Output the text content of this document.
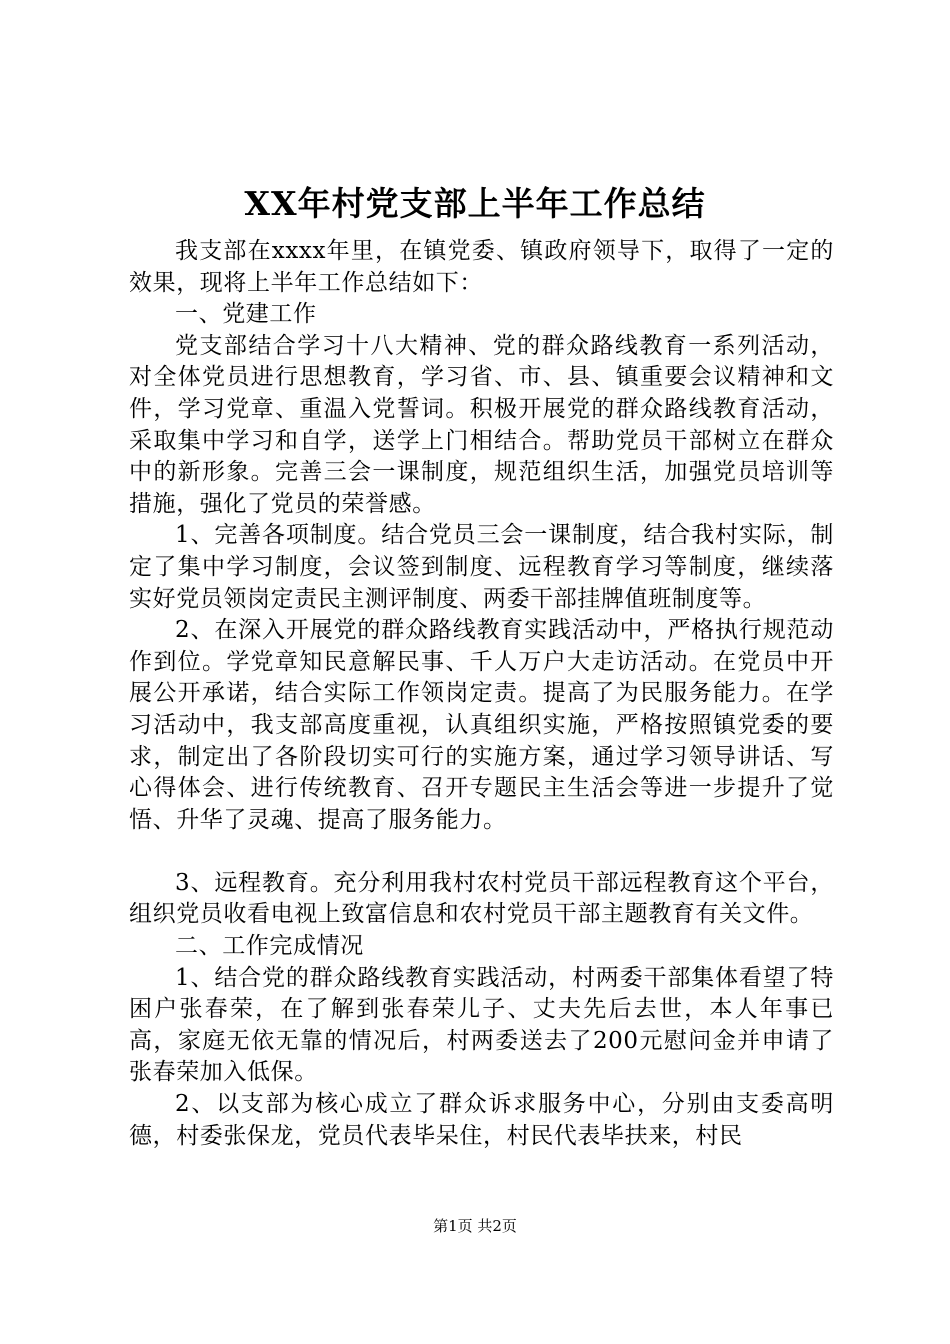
XX年村党支部上半年工作总结

我支部在xxxx年里，在镇党委、镇政府领导下，取得了一定的效果，现将上半年工作总结如下：

一、党建工作

党支部结合学习十八大精神、党的群众路线教育一系列活动，对全体党员进行思想教育，学习省、市、县、镇重要会议精神和文件，学习党章、重温入党誓词。积极开展党的群众路线教育活动，采取集中学习和自学，送学上门相结合。帮助党员干部树立在群众中的新形象。完善三会一课制度，规范组织生活，加强党员培训等措施，强化了党员的荣誉感。

1、完善各项制度。结合党员三会一课制度，结合我村实际，制定了集中学习制度，会议签到制度、远程教育学习等制度，继续落实好党员领岗定责民主测评制度、两委干部挂牌值班制度等。

2、在深入开展党的群众路线教育实践活动中，严格执行规范动作到位。学党章知民意解民事、千人万户大走访活动。在党员中开展公开承诺，结合实际工作领岗定责。提高了为民服务能力。在学习活动中，我支部高度重视，认真组织实施，严格按照镇党委的要求，制定出了各阶段切实可行的实施方案，通过学习领导讲话、写心得体会、进行传统教育、召开专题民主生活会等进一步提升了觉悟、升华了灵魂、提高了服务能力。

3、远程教育。充分利用我村农村党员干部远程教育这个平台，组织党员收看电视上致富信息和农村党员干部主题教育有关文件。

二、工作完成情况

1、结合党的群众路线教育实践活动，村两委干部集体看望了特困户张春荣，在了解到张春荣儿子、丈夫先后去世，本人年事已高，家庭无依无靠的情况后，村两委送去了200元慰问金并申请了张春荣加入低保。

2、以支部为核心成立了群众诉求服务中心，分别由支委高明德，村委张保龙，党员代表毕呆住，村民代表毕扶来，村民

第1页 共2页
